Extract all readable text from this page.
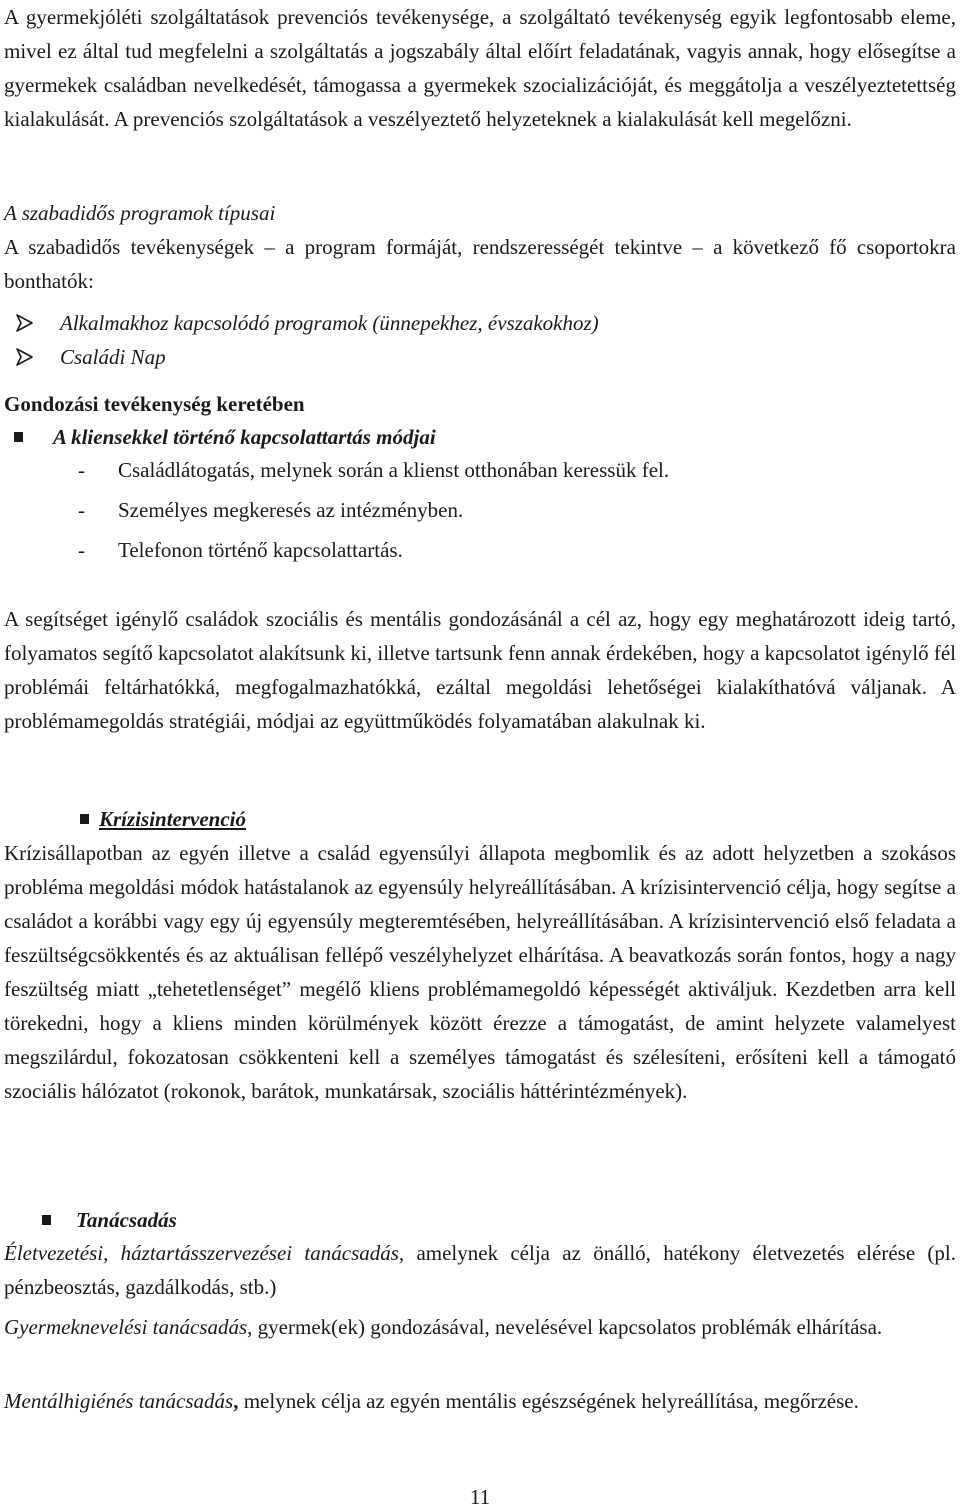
A gyermekjóléti szolgáltatások prevenciós tevékenysége, a szolgáltató tevékenység egyik legfontosabb eleme, mivel ez által tud megfelelni a szolgáltatás a jogszabály által előírt feladatának, vagyis annak, hogy elősegítse a gyermekek családban nevelkedését, támogassa a gyermekek szocializációját, és meggátolja a veszélyeztetettség kialakulását. A prevenciós szolgáltatások a veszélyeztető helyzeteknek a kialakulását kell megelőzni.

A szabadidős programok típusai

A szabadidős tevékenységek – a program formáját, rendszerességét tekintve – a következő fő csoportokra bonthatók:

Alkalmakhoz kapcsolódó programok (ünnepekhez, évszakokhoz)
Családi Nap

Gondozási tevékenység keretében

A kliensekkel történő kapcsolattartás módjai
-	Családlátogatás, melynek során a klienst otthonában keressük fel.
-	Személyes megkeresés az intézményben.
-	Telefonon történő kapcsolattartás.

A segítséget igénylő családok szociális és mentális gondozásánál a cél az, hogy egy meghatározott ideig tartó, folyamatos segítő kapcsolatot alakítsunk ki, illetve tartsunk fenn annak érdekében, hogy a kapcsolatot igénylő fél problémái feltárhatókká, megfogalmazhatókká, ezáltal megoldási lehetőségei kialakíthatóvá váljanak. A problémamegoldás stratégiái, módjai az együttműködés folyamatában alakulnak ki.

Krízisintervenció

Krízisállapotban az egyén illetve a család egyensúlyi állapota megbomlik és az adott helyzetben a szokásos probléma megoldási módok hatástalanok az egyensúly helyreállításában. A krízisintervenció célja, hogy segítse a családot a korábbi vagy egy új egyensúly megteremtésében, helyreállításában. A krízisintervenció első feladata a feszültségcsökkentés és az aktuálisan fellépő veszélyhelyzet elhárítása. A beavatkozás során fontos, hogy a nagy feszültség miatt „tehetetlenséget” megélő kliens problémamegoldó képességét aktiváljuk. Kezdetben arra kell törekedni, hogy a kliens minden körülmények között érezze a támogatást, de amint helyzete valamelyest megszilárdul, fokozatosan csökkenteni kell a személyes támogatást és szélesíteni, erősíteni kell a támogató szociális hálózatot (rokonok, barátok, munkatársak, szociális háttérintézmények).

Tanácsadás

Életvezetési, háztartásszervezései tanácsadás, amelynek célja az önálló, hatékony életvezetés elérése (pl. pénzbeosztás, gazdálkodás, stb.)

Gyermeknevelési tanácsadás, gyermek(ek) gondozásával, nevelésével kapcsolatos problémák elhárítása.

Mentálhigiénés tanácsadás, melynek célja az egyén mentális egészségének helyreállítása, megőrzése.

11
